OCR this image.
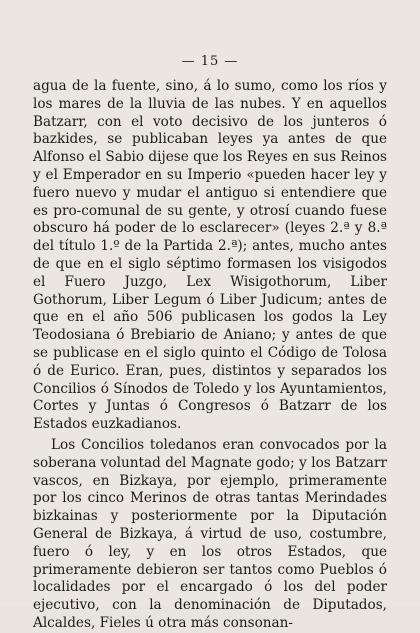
— 15 —

agua de la fuente, sino, á lo sumo, como los ríos y los mares de la lluvia de las nubes. Y en aquellos Batzarr, con el voto decisivo de los junteros ó bazkides, se publicaban leyes ya antes de que Alfonso el Sabio dijese que los Reyes en sus Reinos y el Emperador en su Imperio «pueden hacer ley y fuero nuevo y mudar el antiguo si entendiere que es pro-comunal de su gente, y otrosí cuando fuese obscuro há poder de lo esclarecer» (leyes 2.ª y 8.ª del título 1.º de la Partida 2.ª); antes, mucho antes de que en el siglo séptimo formasen los visigodos el Fuero Juzgo, Lex Wisigothorum, Liber Gothorum, Liber Legum ó Liber Judicum; antes de que en el año 506 publicasen los godos la Ley Teodosiana ó Brebiario de Aniano; y antes de que se publicase en el siglo quinto el Código de Tolosa ó de Eurico. Eran, pues, distintos y separados los Concilios ó Sínodos de Toledo y los Ayuntamientos, Cortes y Juntas ó Congresos ó Batzarr de los Estados euzkadianos.

Los Concilios toledanos eran convocados por la soberana voluntad del Magnate godo; y los Batzarr vascos, en Bizkaya, por ejemplo, primeramente por los cinco Merinos de otras tantas Merindades bizkainas y posteriormente por la Diputación General de Bizkaya, á virtud de uso, costumbre, fuero ó ley, y en los otros Estados, que primeramente debieron ser tantos como Pueblos ó localidades por el encargado ó los del poder ejecutivo, con la denominación de Diputados, Alcaldes, Fieles ú otra más consonan-
